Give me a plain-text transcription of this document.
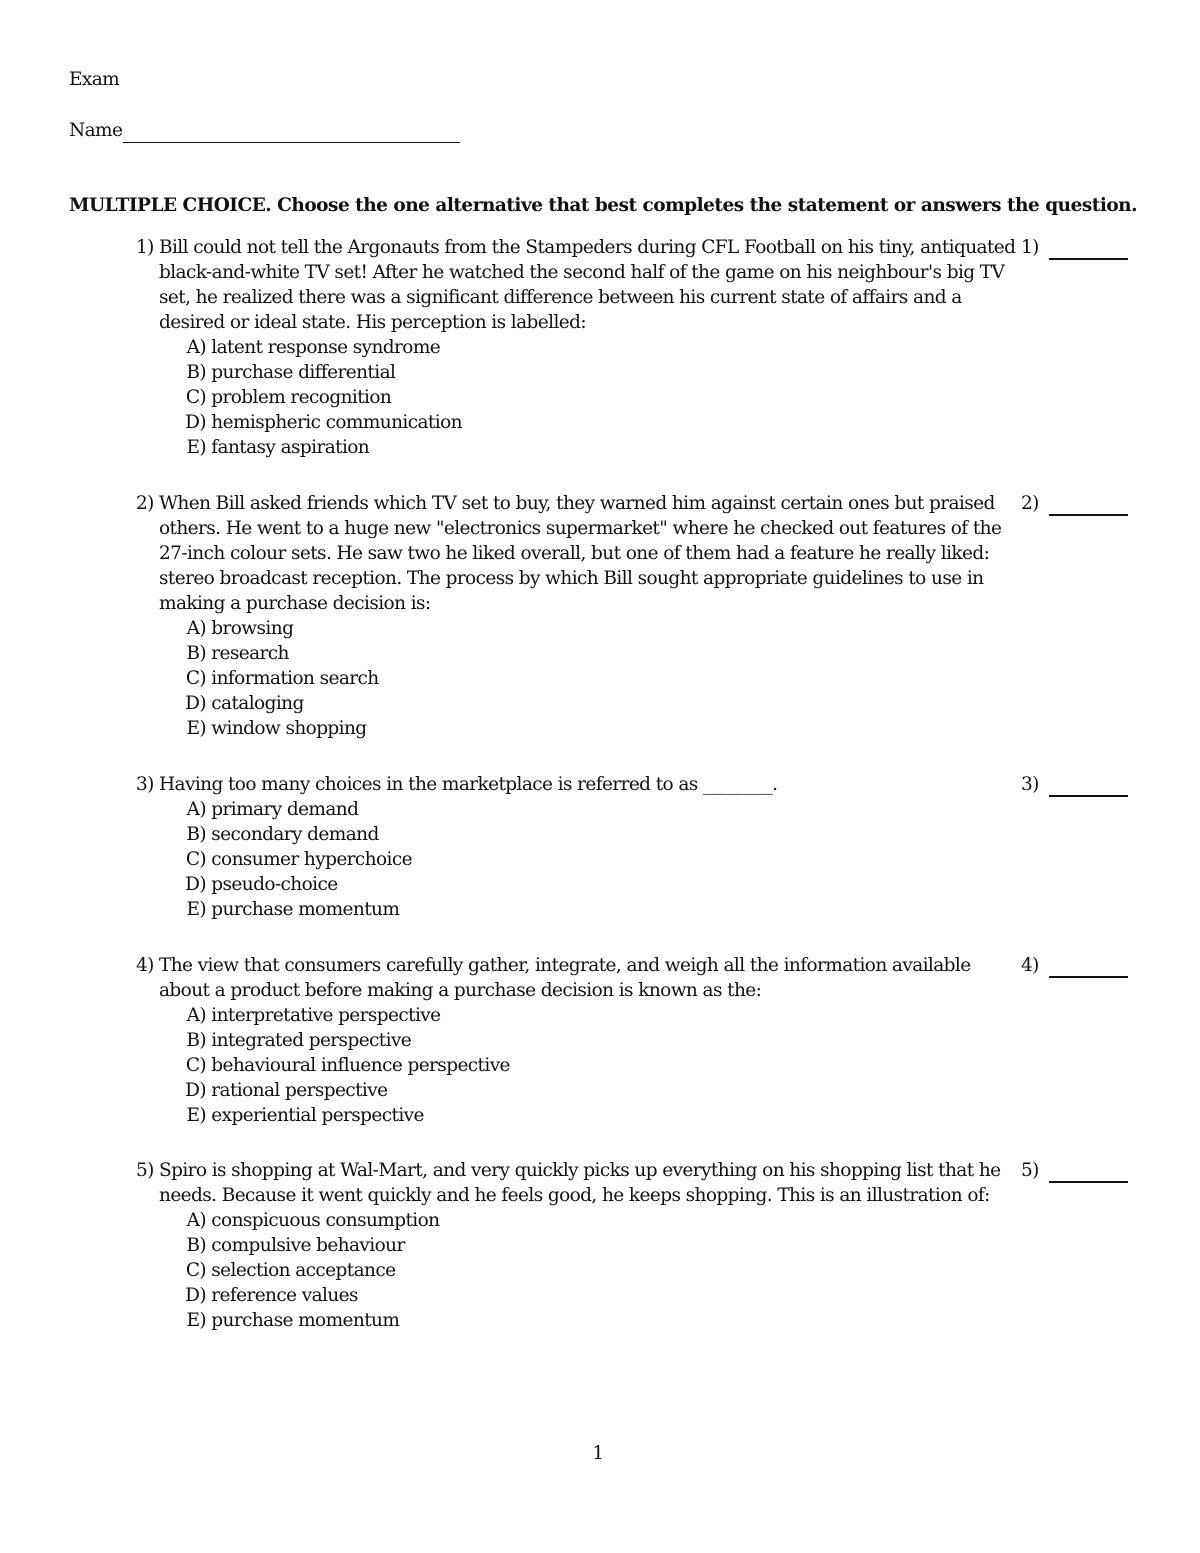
Exam
Name
MULTIPLE CHOICE. Choose the one alternative that best completes the statement or answers the question.
1) Bill could not tell the Argonauts from the Stampeders during CFL Football on his tiny, antiquated black-and-white TV set! After he watched the second half of the game on his neighbour's big TV set, he realized there was a significant difference between his current state of affairs and a desired or ideal state. His perception is labelled:
A) latent response syndrome
B) purchase differential
C) problem recognition
D) hemispheric communication
E) fantasy aspiration
1)
2) When Bill asked friends which TV set to buy, they warned him against certain ones but praised others. He went to a huge new "electronics supermarket" where he checked out features of the 27-inch colour sets. He saw two he liked overall, but one of them had a feature he really liked: stereo broadcast reception. The process by which Bill sought appropriate guidelines to use in making a purchase decision is:
A) browsing
B) research
C) information search
D) cataloging
E) window shopping
2)
3) Having too many choices in the marketplace is referred to as ________.
A) primary demand
B) secondary demand
C) consumer hyperchoice
D) pseudo-choice
E) purchase momentum
3)
4) The view that consumers carefully gather, integrate, and weigh all the information available about a product before making a purchase decision is known as the:
A) interpretative perspective
B) integrated perspective
C) behavioural influence perspective
D) rational perspective
E) experiential perspective
4)
5) Spiro is shopping at Wal-Mart, and very quickly picks up everything on his shopping list that he needs. Because it went quickly and he feels good, he keeps shopping. This is an illustration of:
A) conspicuous consumption
B) compulsive behaviour
C) selection acceptance
D) reference values
E) purchase momentum
5)
1
